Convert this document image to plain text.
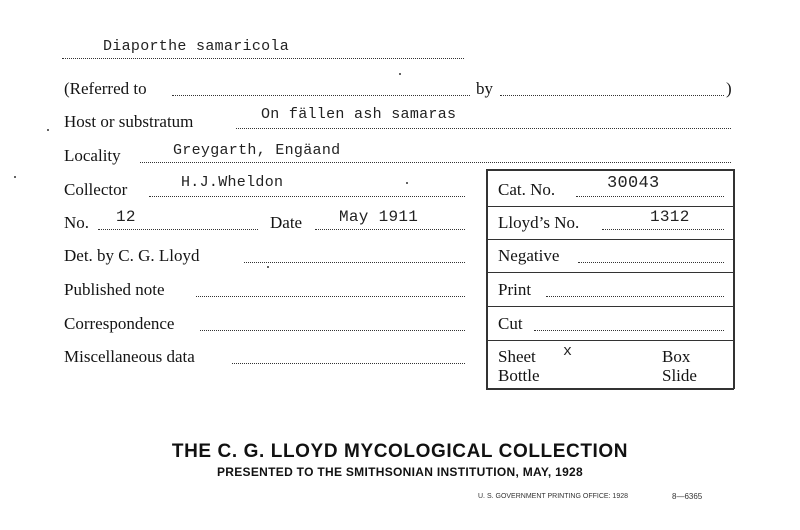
Diaporthe samaricola
(Referred to	by	)
Host or substratum	On fällen ash samaras
Locality	Greygarth, Engäand
Collector	H.J.Wheldon	Cat. No.	30043
No. 12	Date May 1911	Lloyd’s No.	1312
Det. by C. G. Lloyd	Negative
Published note	Print
Correspondence	Cut
Miscellaneous data	Sheet x	Box
Bottle	Slide
THE C. G. LLOYD MYCOLOGICAL COLLECTION
PRESENTED TO THE SMITHSONIAN INSTITUTION, MAY, 1928
U. S. GOVERNMENT PRINTING OFFICE: 1928	8—6365
